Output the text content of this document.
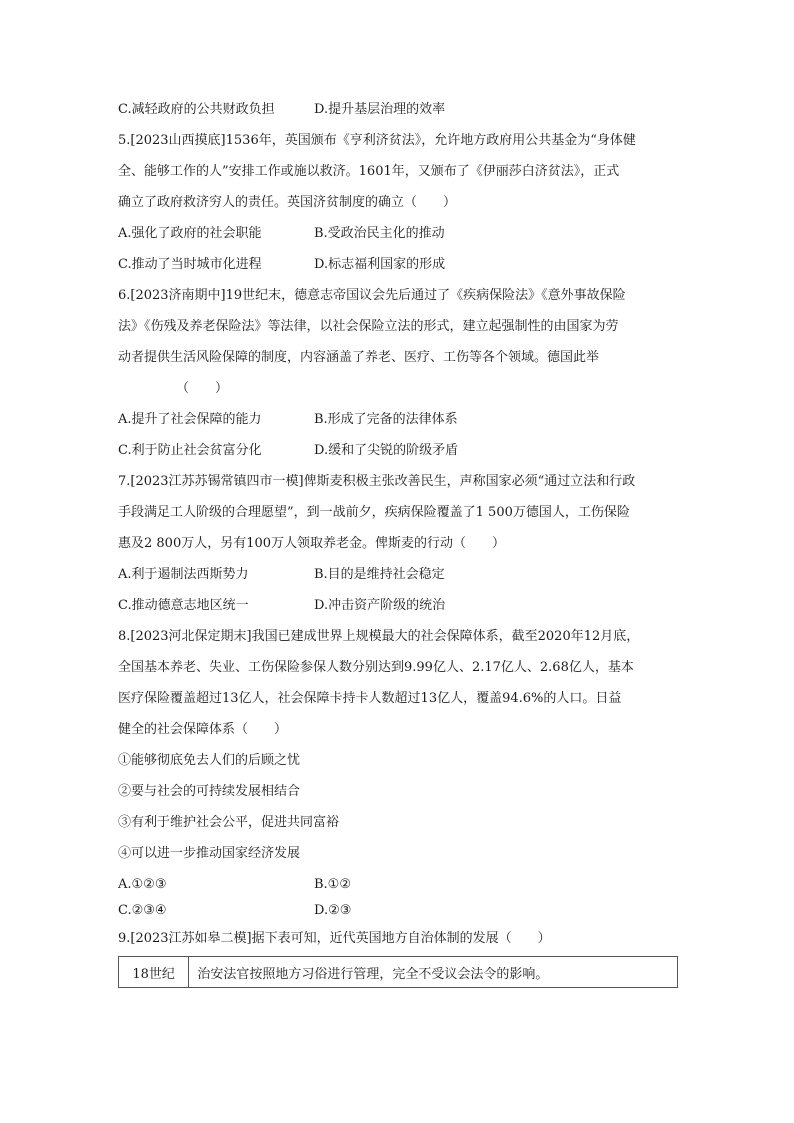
C.减轻政府的公共财政负担	D.提升基层治理的效率
5.[2023山西摸底]1536年，英国颁布《亨利济贫法》，允许地方政府用公共基金为“身体健
全、能够工作的人”安排工作或施以救济。1601年，又颁布了《伊丽莎白济贫法》，正式
确立了政府救济穷人的责任。英国济贫制度的确立（　　）
A.强化了政府的社会职能	B.受政治民主化的推动
C.推动了当时城市化进程	D.标志福利国家的形成
6.[2023济南期中]19世纪末，德意志帝国议会先后通过了《疾病保险法》《意外事故保险
法》《伤残及养老保险法》等法律，以社会保险立法的形式，建立起强制性的由国家为劳
动者提供生活风险保障的制度，内容涵盖了养老、医疗、工伤等各个领域。德国此举
（　　）
A.提升了社会保障的能力	B.形成了完备的法律体系
C.利于防止社会贫富分化	D.缓和了尖锐的阶级矛盾
7.[2023江苏苏锡常镇四市一模]俾斯麦积极主张改善民生，声称国家必须“通过立法和行政
手段满足工人阶级的合理愿望”，到一战前夕，疾病保险覆盖了1 500万德国人，工伤保险
惠及2 800万人，另有100万人领取养老金。俾斯麦的行动（　　）
A.利于遏制法西斯势力	B.目的是维持社会稳定
C.推动德意志地区统一	D.冲击资产阶级的统治
8.[2023河北保定期末]我国已建成世界上规模最大的社会保障体系，截至2020年12月底，
全国基本养老、失业、工伤保险参保人数分别达到9.99亿人、2.17亿人、2.68亿人，基本
医疗保险覆盖超过13亿人，社会保障卡持卡人数超过13亿人，覆盖94.6%的人口。日益
健全的社会保障体系（　　）
①能够彻底免去人们的后顾之忧
②要与社会的可持续发展相结合
③有利于维护社会公平，促进共同富裕
④可以进一步推动国家经济发展
A.①②③	B.①②
C.②③④	D.②③
9.[2023江苏如皋二模]据下表可知，近代英国地方自治体制的发展（　　）
18世纪	治安法官按照地方习俗进行管理，完全不受议会法令的影响。
